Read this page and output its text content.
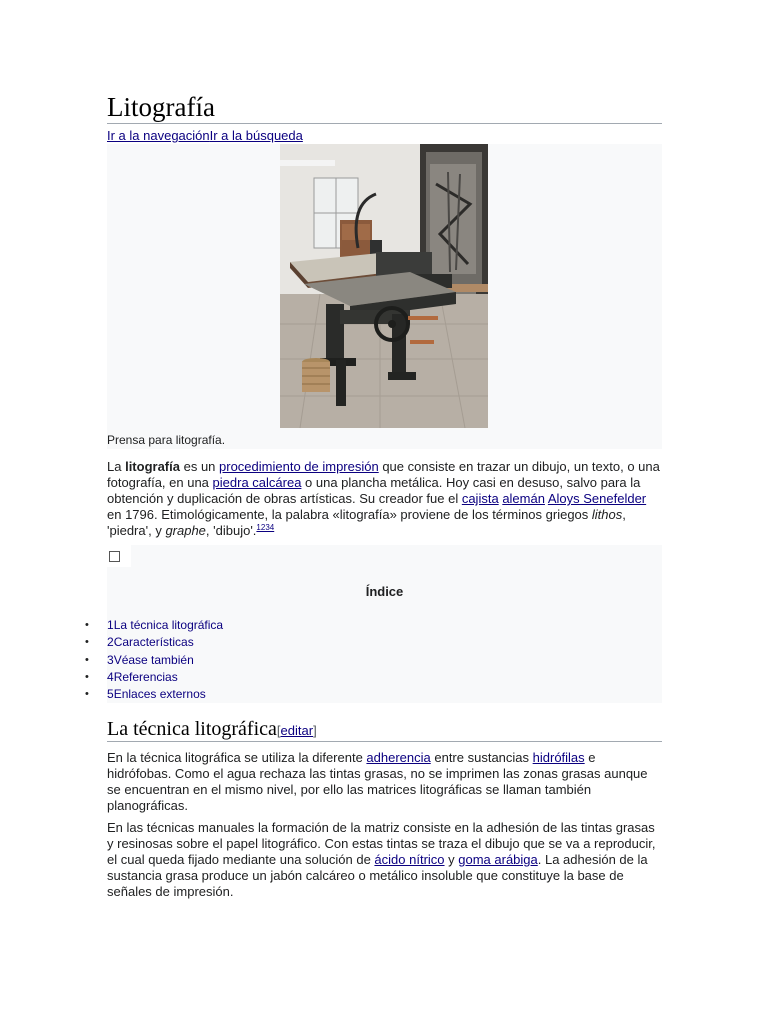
Litografía
Ir a la navegaciónIr a la búsqueda
Prensa para litografía.

La litografía es un procedimiento de impresión que consiste en trazar un dibujo, un texto, o una fotografía, en una piedra calcárea o una plancha metálica. Hoy casi en desuso, salvo para la obtención y duplicación de obras artísticas. Su creador fue el cajista alemán Aloys Senefelder en 1796. Etimológicamente, la palabra «litografía» proviene de los términos griegos lithos, 'piedra', y graphe, 'dibujo'.$^{1234}$

Índice
• 1La técnica litográfica
• 2Características
• 3Véase también
• 4Referencias
• 5Enlaces externos
La técnica litográfica[editar]

En la técnica litográfica se utiliza la diferente adherencia entre sustancias hidrófilas e hidrófobas. Como el agua rechaza las tintas grasas, no se imprimen las zonas grasas aunque se encuentran en el mismo nivel, por ello las matrices litográficas se llaman también planográficas.

En las técnicas manuales la formación de la matriz consiste en la adhesión de las tintas grasas y resinosas sobre el papel litográfico. Con estas tintas se traza el dibujo que se va a reproducir, el cual queda fijado mediante una solución de ácido nítrico y goma arábiga. La adhesión de la sustancia grasa produce un jabón calcáreo o metálico insoluble que constituye la base de señales de impresión.
